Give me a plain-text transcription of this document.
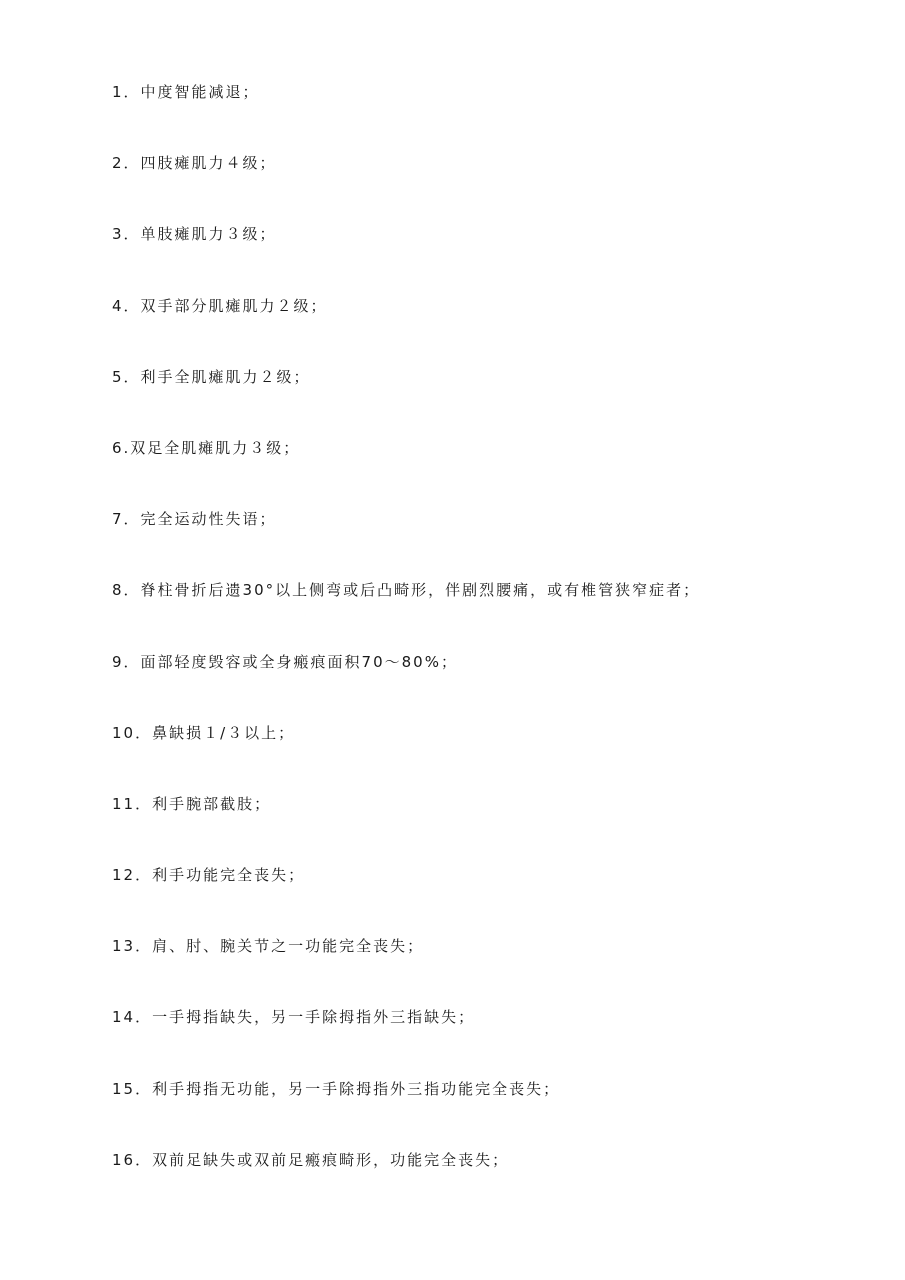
1．中度智能减退；
2．四肢瘫肌力４级；
3．单肢瘫肌力３级；
4．双手部分肌瘫肌力２级；
5．利手全肌瘫肌力２级；
6.双足全肌瘫肌力３级；
7．完全运动性失语；
8．脊柱骨折后遗30°以上侧弯或后凸畸形，伴剧烈腰痛，或有椎管狭窄症者；
9．面部轻度毁容或全身瘢痕面积70～80%；
10．鼻缺损１/３以上；
11．利手腕部截肢；
12．利手功能完全丧失；
13．肩、肘、腕关节之一功能完全丧失；
14．一手拇指缺失，另一手除拇指外三指缺失；
15．利手拇指无功能，另一手除拇指外三指功能完全丧失；
16．双前足缺失或双前足瘢痕畸形，功能完全丧失；
